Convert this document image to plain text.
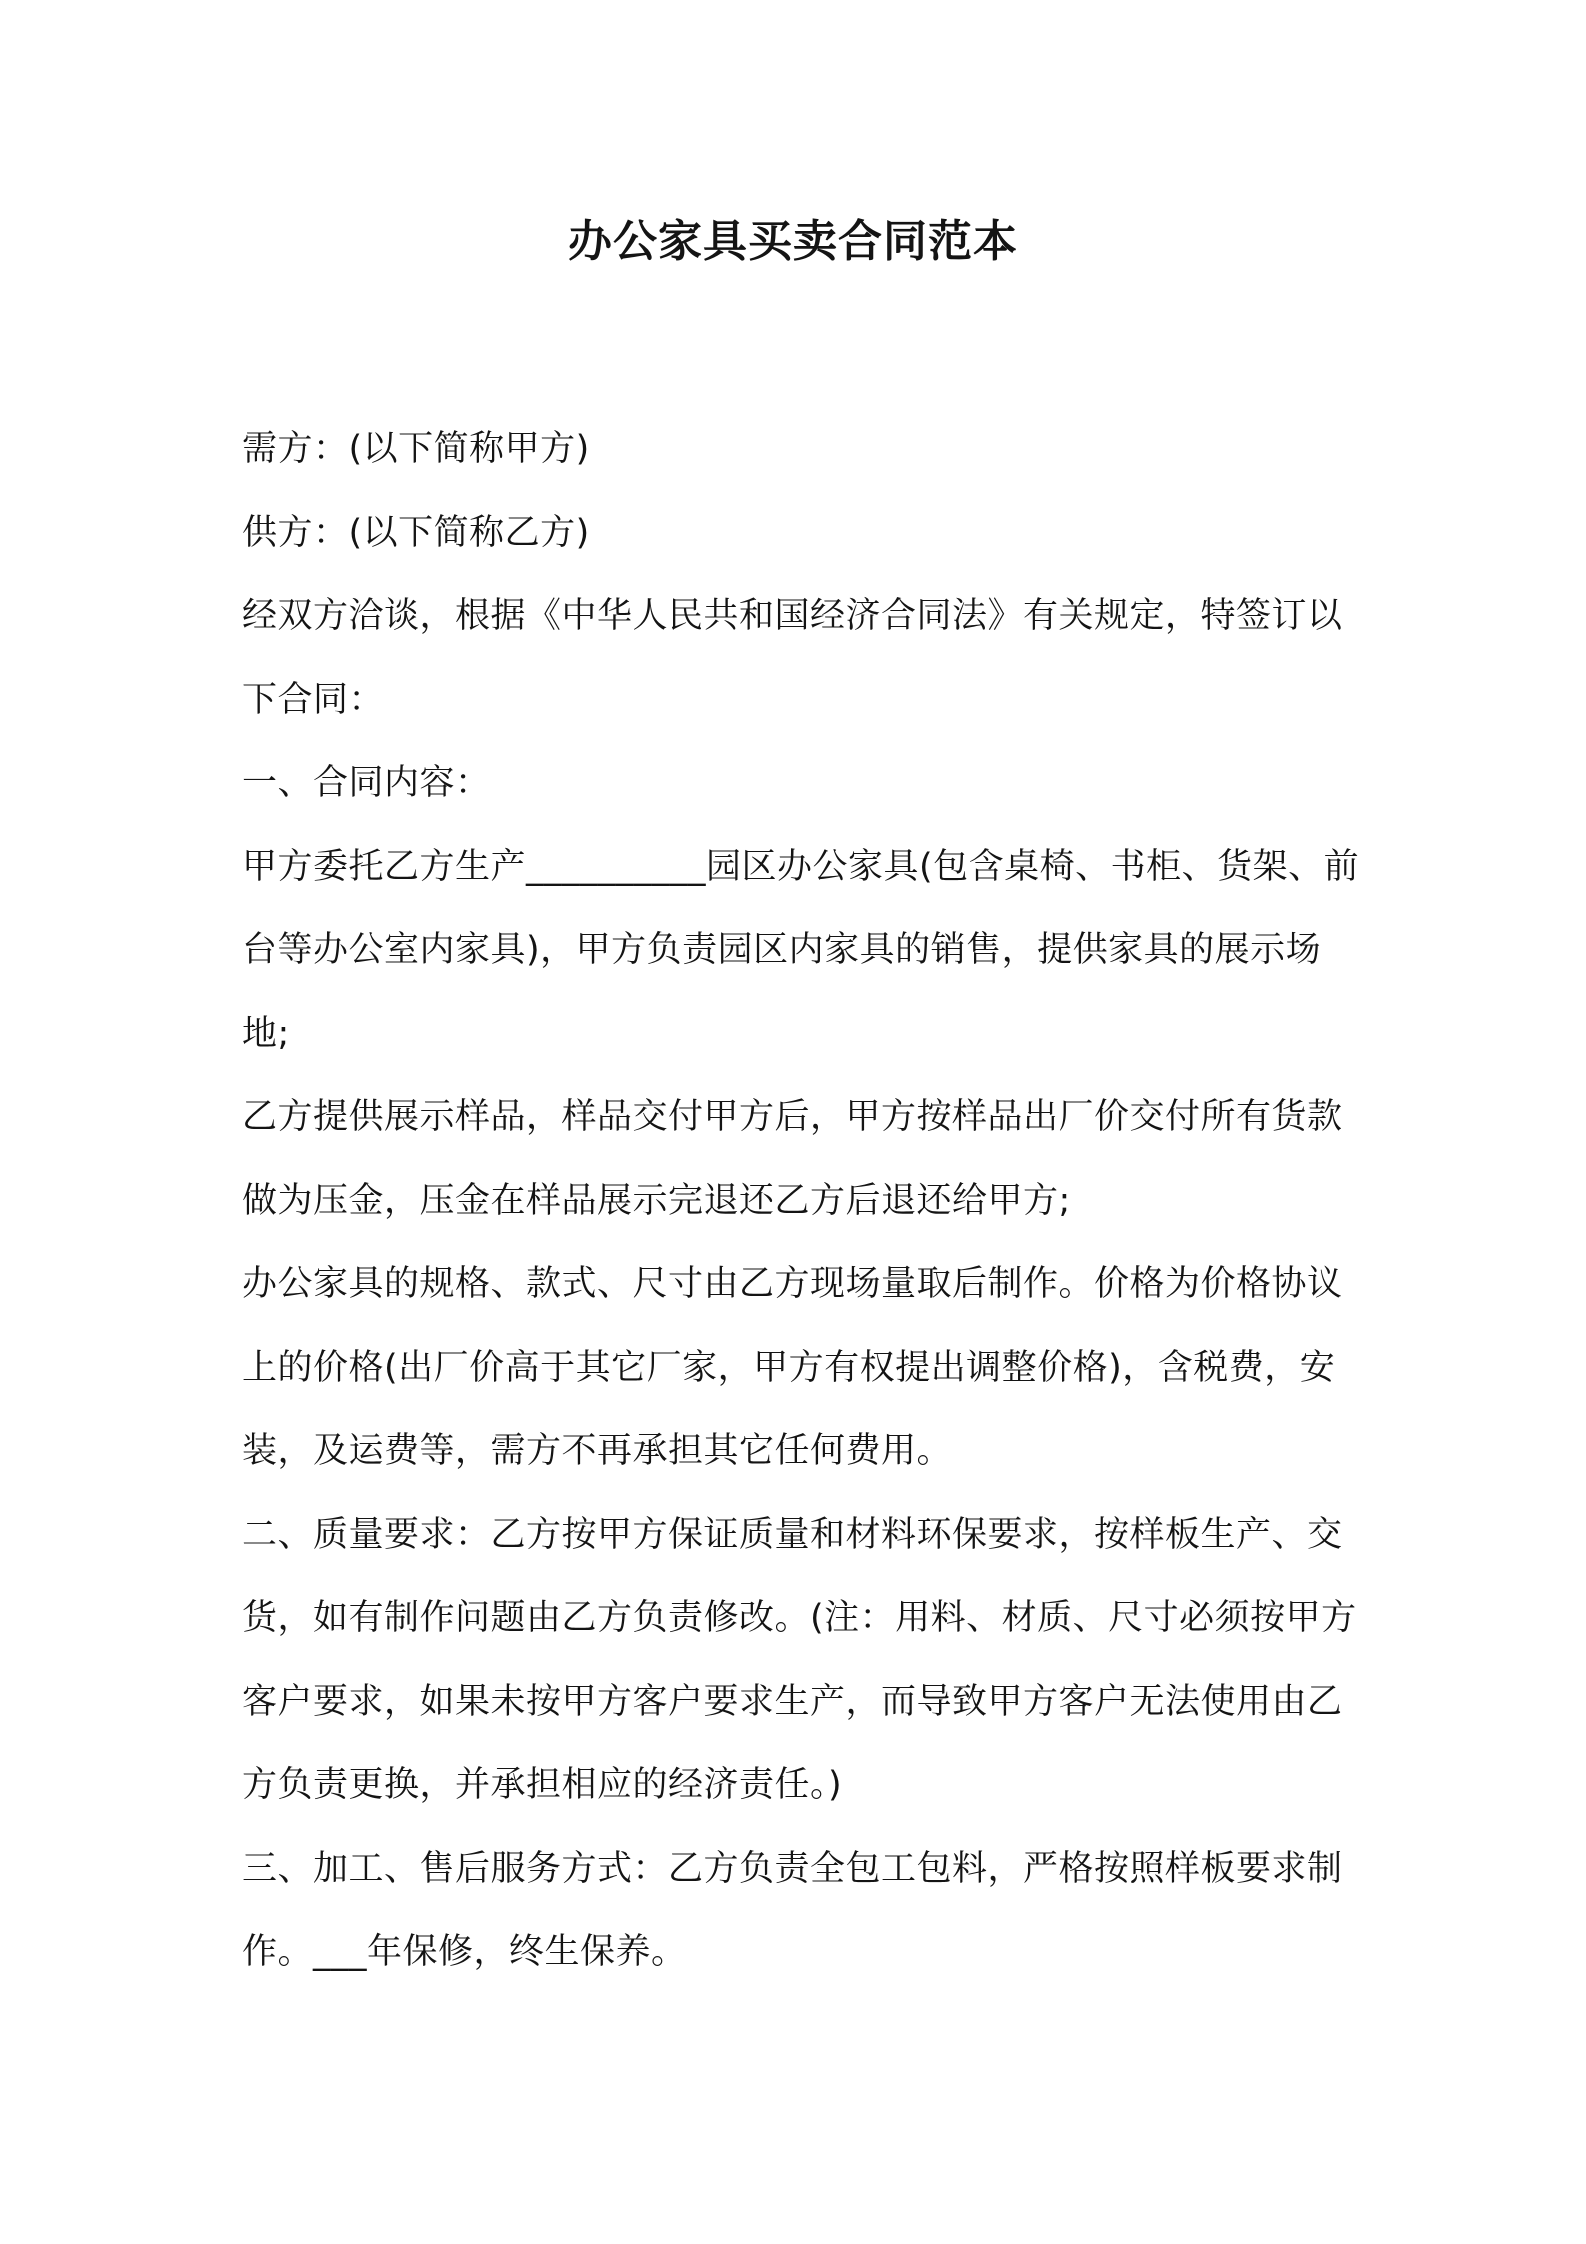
办公家具买卖合同范本

需方：(以下简称甲方)

供方：(以下简称乙方)

经双方洽谈，根据《中华人民共和国经济合同法》有关规定，特签订以下合同：

一、合同内容：

甲方委托乙方生产__________园区办公家具(包含桌椅、书柜、货架、前台等办公室内家具)，甲方负责园区内家具的销售，提供家具的展示场地;

乙方提供展示样品，样品交付甲方后，甲方按样品出厂价交付所有货款做为压金，压金在样品展示完退还乙方后退还给甲方;

办公家具的规格、款式、尺寸由乙方现场量取后制作。价格为价格协议上的价格(出厂价高于其它厂家，甲方有权提出调整价格)，含税费，安装，及运费等，需方不再承担其它任何费用。

二、质量要求：乙方按甲方保证质量和材料环保要求，按样板生产、交货，如有制作问题由乙方负责修改。(注：用料、材质、尺寸必须按甲方客户要求，如果未按甲方客户要求生产，而导致甲方客户无法使用由乙方负责更换，并承担相应的经济责任。)

三、加工、售后服务方式：乙方负责全包工包料，严格按照样板要求制作。___年保修，终生保养。
